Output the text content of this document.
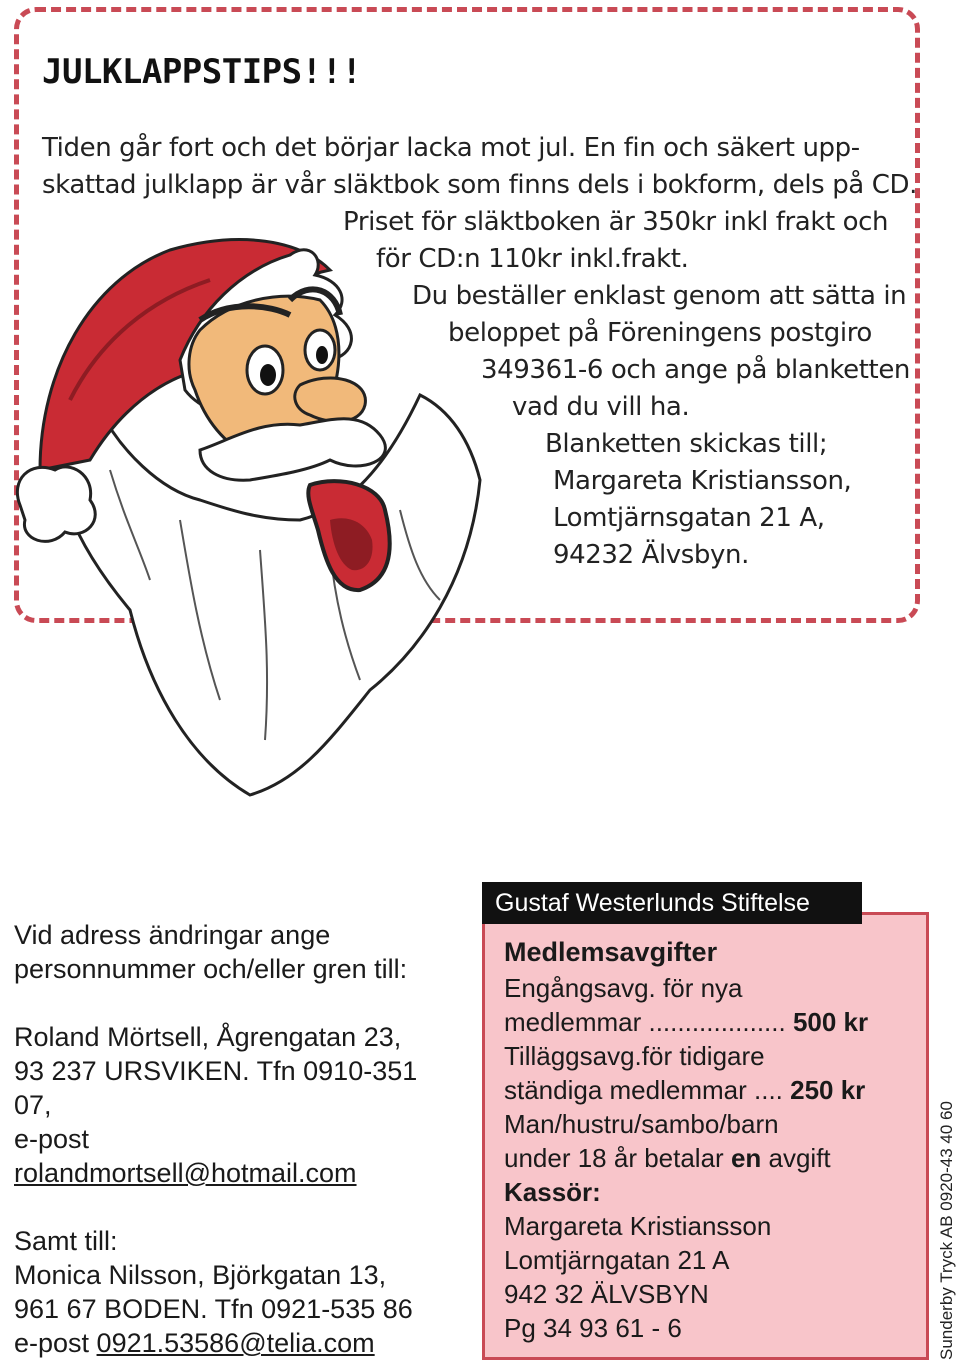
JULKLAPPSTIPS!!!
Tiden går fort och det börjar lacka mot jul. En fin och säkert upp-
skattad julklapp är vår släktbok som finns dels i bokform, dels på CD.
Priset för släktboken är 350kr inkl frakt och
för CD:n 110kr inkl.frakt.
Du beställer enklast genom att sätta in
beloppet på Föreningens postgiro
349361-6 och ange på blanketten
vad du vill ha.
Blanketten skickas till;
Margareta Kristiansson,
Lomtjärnsgatan 21 A,
94232 Älvsbyn.

Vid adress ändringar ange

personnummer och/eller gren till:

Roland Mörtsell, Ågrengatan 23,

93 237 URSVIKEN. Tfn 0910-351

07,

e-post

rolandmortsell@hotmail.com

Samt till:

Monica Nilsson, Björkgatan 13,

961 67 BODEN. Tfn 0921-535 86

e-post 0921.53586@telia.com

Medlemsavgifter
Engångsavg. för nya
medlemmar ................... 500 kr
Tilläggsavg.för tidigare
ständiga medlemmar .... 250 kr
Man/hustru/sambo/barn
under 18 år betalar en avgift
Kassör:
Margareta Kristiansson
Lomtjärngatan 21 A
942 32 ÄLVSBYN
Pg 34 93 61 - 6
Gustaf Westerlunds Stiftelse
Sunderby Tryck AB 0920-43 40 60
